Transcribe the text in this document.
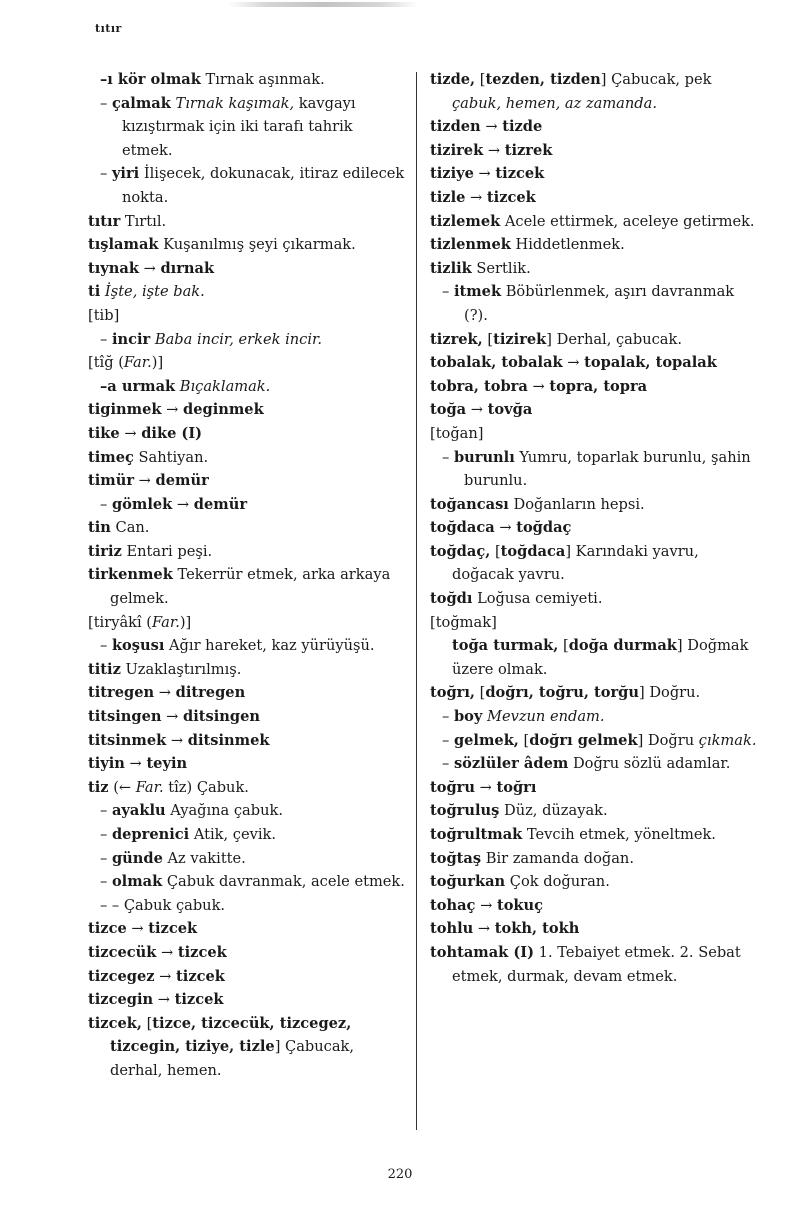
tıtır

–ı kör olmak Tırnak aşınmak.

– çalmak Tırnak kaşımak, kavgayı kızıştırmak için iki tarafı tahrik etmek.

– yiri İlişecek, dokunacak, itiraz edilecek nokta.

tıtır Tırtıl.

tışlamak Kuşanılmış şeyi çıkarmak.

tıynak → dırnak

ti İşte, işte bak.

[tib]

– incir Baba incir, erkek incir.

[tîğ (Far.)]

–a urmak Bıçaklamak.

tiginmek → deginmek

tike → dike (I)

timeç Sahtiyan.

timür → demür

– gömlek → demür

tin Can.

tiriz Entari peşi.

tirkenmek Tekerrür etmek, arka arkaya gelmek.

[tiryâkî (Far.)]

– koşusı Ağır hareket, kaz yürüyüşü.

titiz Uzaklaştırılmış.

titregen → ditregen

titsingen → ditsingen

titsinmek → ditsinmek

tiyin → teyin

tiz (← Far. tîz) Çabuk.

– ayaklu Ayağına çabuk.

– deprenici Atik, çevik.

– günde Az vakitte.

– olmak Çabuk davranmak, acele etmek.

– – Çabuk çabuk.

tizce → tizcek

tizcecük → tizcek

tizcegez → tizcek

tizcegin → tizcek

tizcek, [tizce, tizcecük, tizcegez, tizcegin, tiziye, tizle] Çabucak, derhal, hemen.

tizde, [tezden, tizden] Çabucak, pek çabuk, hemen, az zamanda.

tizden → tizde

tizirek → tizrek

tiziye → tizcek

tizle → tizcek

tizlemek Acele ettirmek, aceleye getirmek.

tizlenmek Hiddetlenmek.

tizlik Sertlik.

– itmek Böbürlenmek, aşırı davranmak (?).

tizrek, [tizirek] Derhal, çabucak.

tobalak, tobalak → topalak, topalak

tobra, tobra → topra, topra

toğa → tovğa

[toğan]

– burunlı Yumru, toparlak burunlu, şahin burunlu.

toğancası Doğanların hepsi.

toğdaca → toğdaç

toğdaç, [toğdaca] Karındaki yavru, doğacak yavru.

toğdı Loğusa cemiyeti.

[toğmak]

toğa turmak, [doğa durmak] Doğmak üzere olmak.

toğrı, [doğrı, toğru, torğu] Doğru.

– boy Mevzun endam.

– gelmek, [doğrı gelmek] Doğru çıkmak.

– sözlüler âdem Doğru sözlü adamlar.

toğru → toğrı

toğruluş Düz, düzayak.

toğrultmak Tevcih etmek, yöneltmek.

toğtaş Bir zamanda doğan.

toğurkan Çok doğuran.

tohaç → tokuç

tohlu → tokh, tokh

tohtamak (I) 1. Tebaiyet etmek. 2. Sebat etmek, durmak, devam etmek.

220
